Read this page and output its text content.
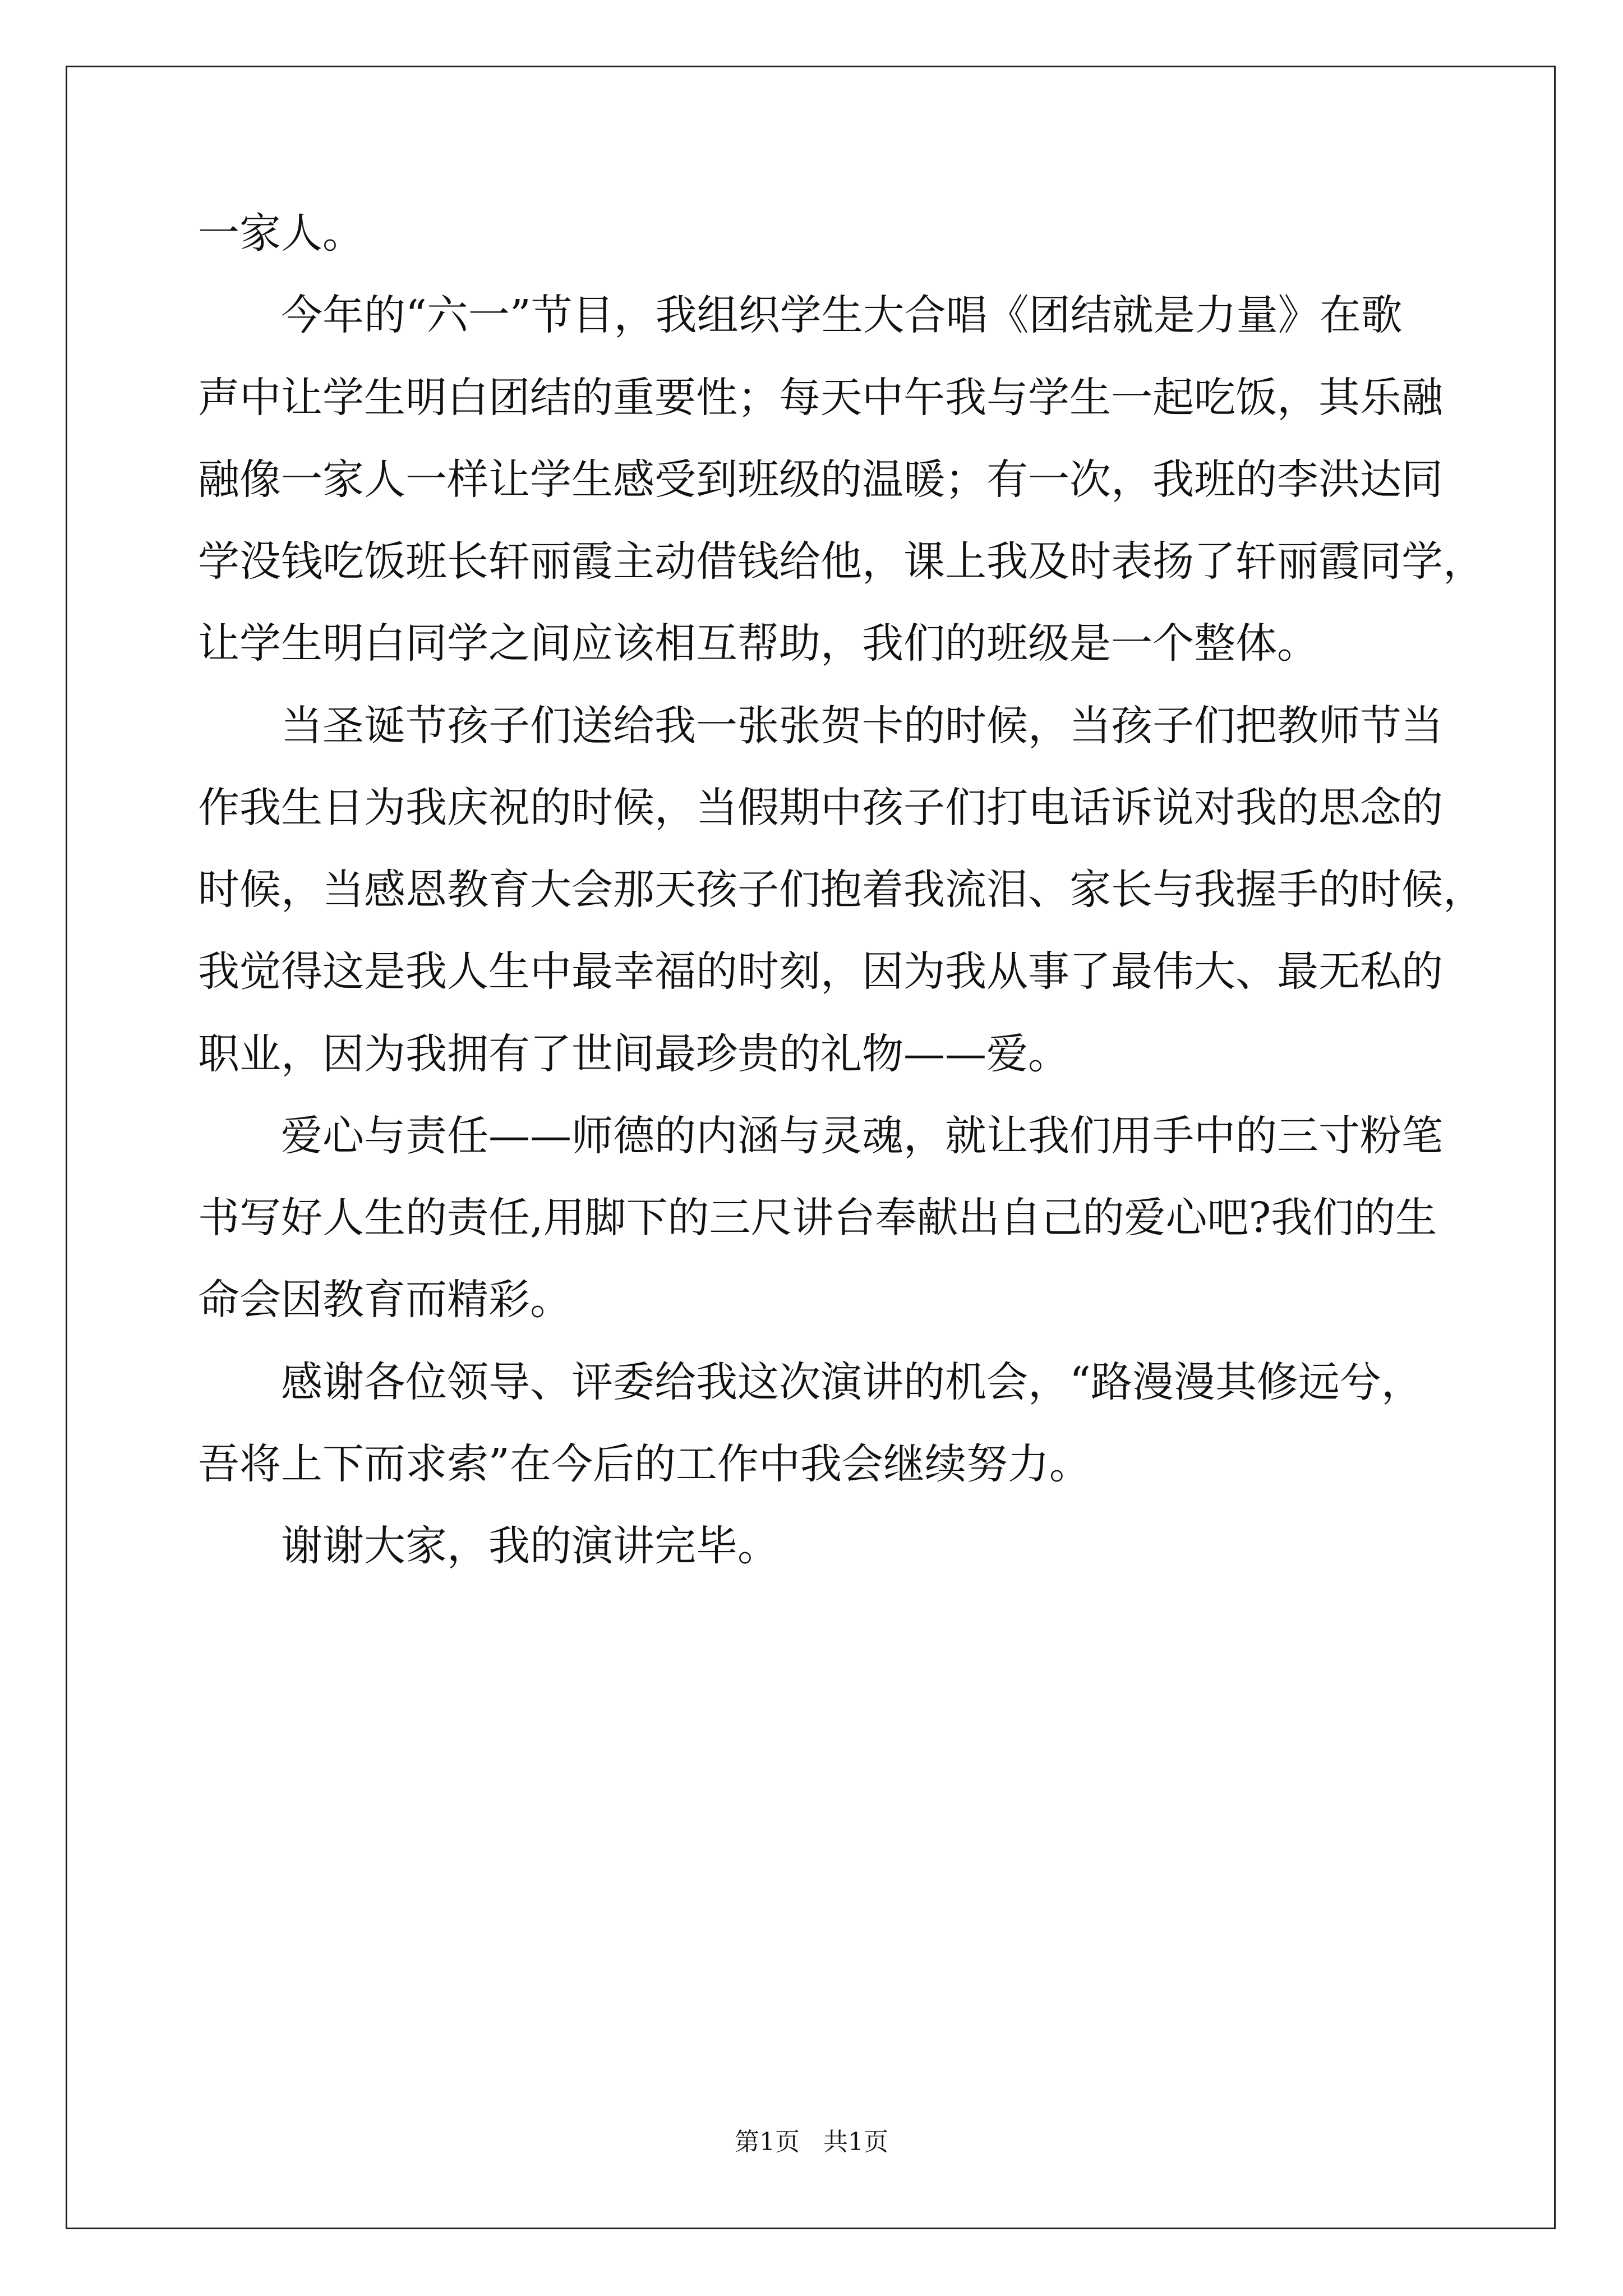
一家人。
今年的“六一”节目，我组织学生大合唱《团结就是力量》在歌
声中让学生明白团结的重要性；每天中午我与学生一起吃饭，其乐融
融像一家人一样让学生感受到班级的温暖；有一次，我班的李洪达同
学没钱吃饭班长轩丽霞主动借钱给他，课上我及时表扬了轩丽霞同学，
让学生明白同学之间应该相互帮助，我们的班级是一个整体。
当圣诞节孩子们送给我一张张贺卡的时候，当孩子们把教师节当
作我生日为我庆祝的时候，当假期中孩子们打电话诉说对我的思念的
时候，当感恩教育大会那天孩子们抱着我流泪、家长与我握手的时候，
我觉得这是我人生中最幸福的时刻，因为我从事了最伟大、最无私的
职业，因为我拥有了世间最珍贵的礼物——爱。
爱心与责任——师德的内涵与灵魂，就让我们用手中的三寸粉笔
书写好人生的责任,用脚下的三尺讲台奉献出自己的爱心吧?我们的生
命会因教育而精彩。
感谢各位领导、评委给我这次演讲的机会，“路漫漫其修远兮，
吾将上下而求索”在今后的工作中我会继续努力。
谢谢大家，我的演讲完毕。
第1页   共1页
